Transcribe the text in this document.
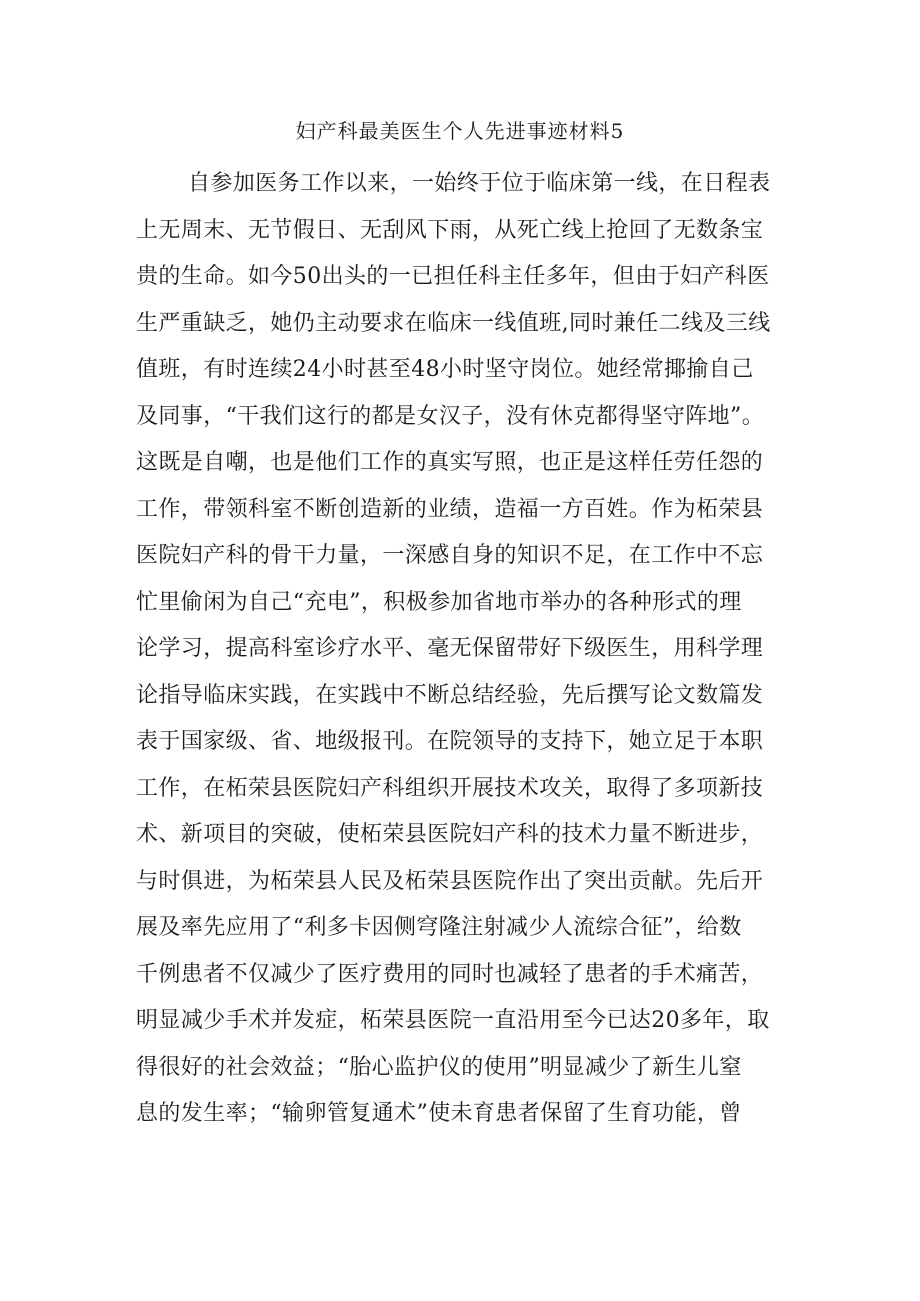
妇产科最美医生个人先进事迹材料5
自参加医务工作以来，一始终于位于临床第一线，在日程表
上无周末、无节假日、无刮风下雨，从死亡线上抢回了无数条宝
贵的生命。如今50出头的一已担任科主任多年，但由于妇产科医
生严重缺乏，她仍主动要求在临床一线值班,同时兼任二线及三线
值班，有时连续24小时甚至48小时坚守岗位。她经常揶揄自己
及同事，“干我们这行的都是女汉子，没有休克都得坚守阵地”。
这既是自嘲，也是他们工作的真实写照，也正是这样任劳任怨的
工作，带领科室不断创造新的业绩，造福一方百姓。作为柘荣县
医院妇产科的骨干力量，一深感自身的知识不足，在工作中不忘
忙里偷闲为自己“充电”，积极参加省地市举办的各种形式的理
论学习，提高科室诊疗水平、毫无保留带好下级医生，用科学理
论指导临床实践，在实践中不断总结经验，先后撰写论文数篇发
表于国家级、省、地级报刊。在院领导的支持下，她立足于本职
工作，在柘荣县医院妇产科组织开展技术攻关，取得了多项新技
术、新项目的突破，使柘荣县医院妇产科的技术力量不断进步，
与时俱进，为柘荣县人民及柘荣县医院作出了突出贡献。先后开
展及率先应用了“利多卡因侧穹隆注射减少人流综合征”，给数
千例患者不仅减少了医疗费用的同时也减轻了患者的手术痛苦，
明显减少手术并发症，柘荣县医院一直沿用至今已达20多年，取
得很好的社会效益；“胎心监护仪的使用”明显减少了新生儿窒
息的发生率；“输卵管复通术”使未育患者保留了生育功能，曾
